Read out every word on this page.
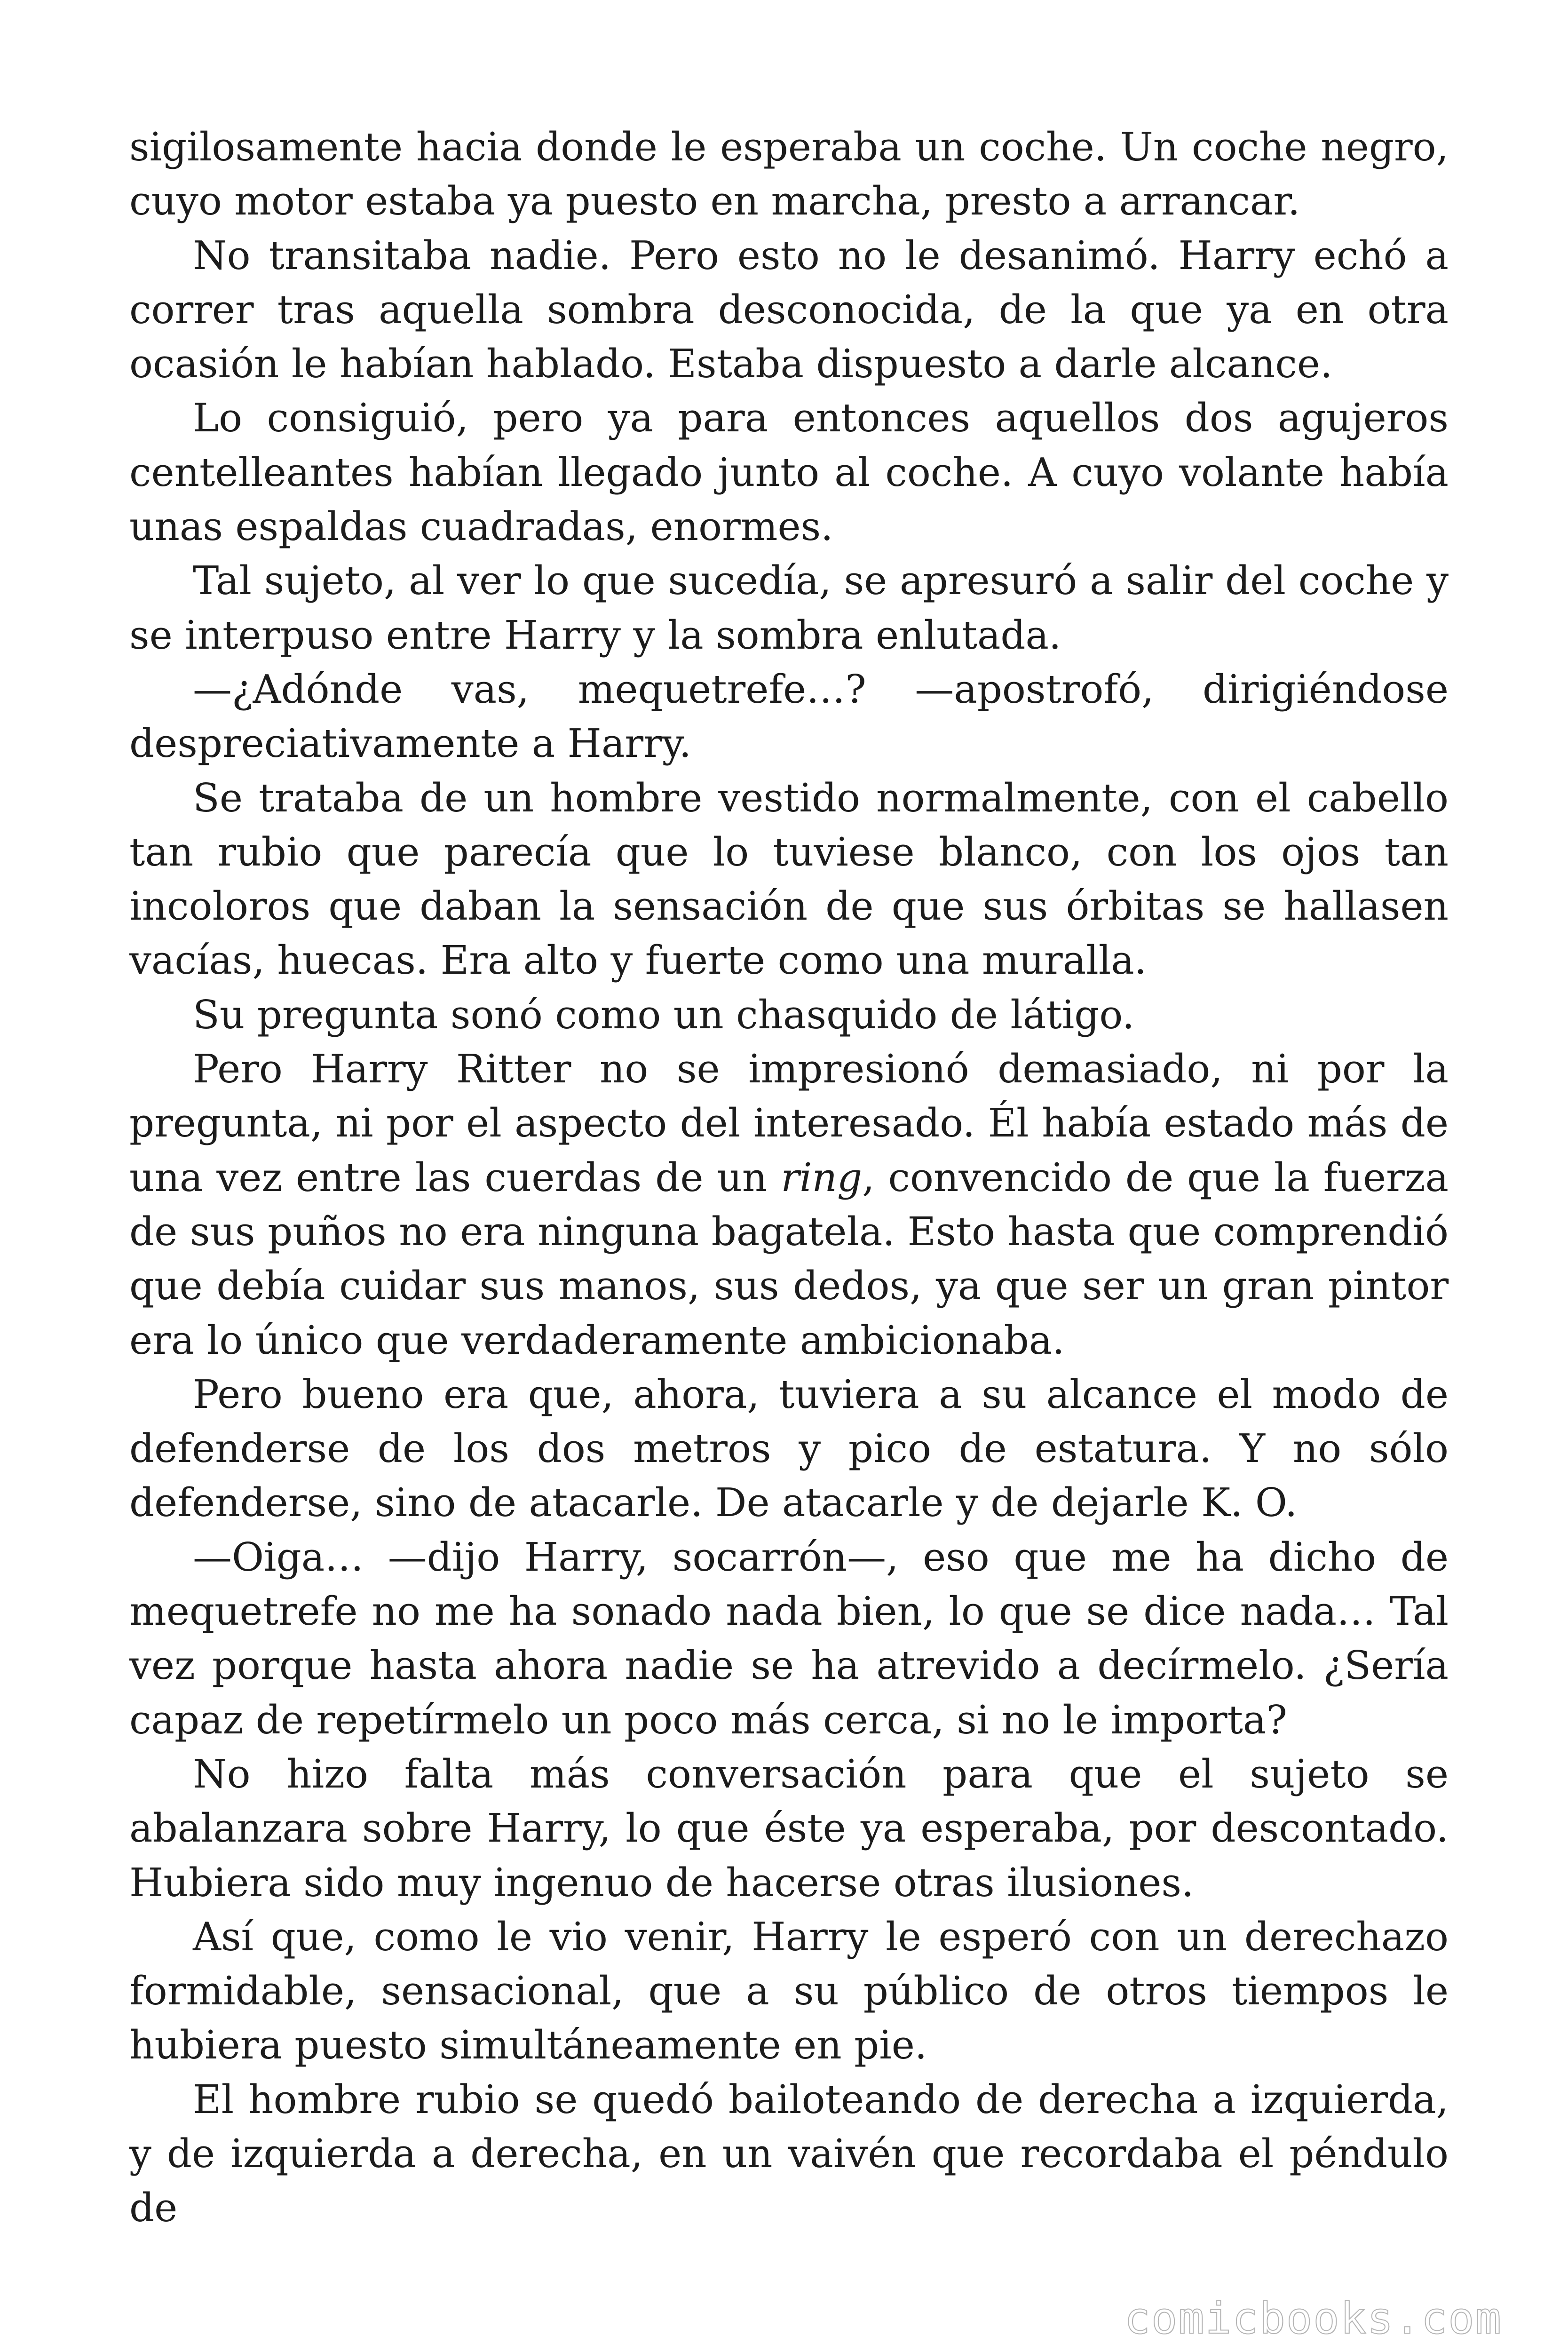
sigilosamente hacia donde le esperaba un coche. Un coche negro, cuyo motor estaba ya puesto en marcha, presto a arrancar.

No transitaba nadie. Pero esto no le desanimó. Harry echó a correr tras aquella sombra desconocida, de la que ya en otra ocasión le habían hablado. Estaba dispuesto a darle alcance.

Lo consiguió, pero ya para entonces aquellos dos agujeros centelleantes habían llegado junto al coche. A cuyo volante había unas espaldas cuadradas, enormes.

Tal sujeto, al ver lo que sucedía, se apresuró a salir del coche y se interpuso entre Harry y la sombra enlutada.

—¿Adónde vas, mequetrefe…? —apostrofó, dirigiéndose despreciativamente a Harry.

Se trataba de un hombre vestido normalmente, con el cabello tan rubio que parecía que lo tuviese blanco, con los ojos tan incoloros que daban la sensación de que sus órbitas se hallasen vacías, huecas. Era alto y fuerte como una muralla.

Su pregunta sonó como un chasquido de látigo.

Pero Harry Ritter no se impresionó demasiado, ni por la pregunta, ni por el aspecto del interesado. Él había estado más de una vez entre las cuerdas de un ring, convencido de que la fuerza de sus puños no era ninguna bagatela. Esto hasta que comprendió que debía cuidar sus manos, sus dedos, ya que ser un gran pintor era lo único que verdaderamente ambicionaba.

Pero bueno era que, ahora, tuviera a su alcance el modo de defenderse de los dos metros y pico de estatura. Y no sólo defenderse, sino de atacarle. De atacarle y de dejarle K. O.

—Oiga… —dijo Harry, socarrón—, eso que me ha dicho de mequetrefe no me ha sonado nada bien, lo que se dice nada… Tal vez porque hasta ahora nadie se ha atrevido a decírmelo. ¿Sería capaz de repetírmelo un poco más cerca, si no le importa?

No hizo falta más conversación para que el sujeto se abalanzara sobre Harry, lo que éste ya esperaba, por descontado. Hubiera sido muy ingenuo de hacerse otras ilusiones.

Así que, como le vio venir, Harry le esperó con un derechazo formidable, sensacional, que a su público de otros tiempos le hubiera puesto simultáneamente en pie.

El hombre rubio se quedó bailoteando de derecha a izquierda, y de izquierda a derecha, en un vaivén que recordaba el péndulo de

comicbooks.com
